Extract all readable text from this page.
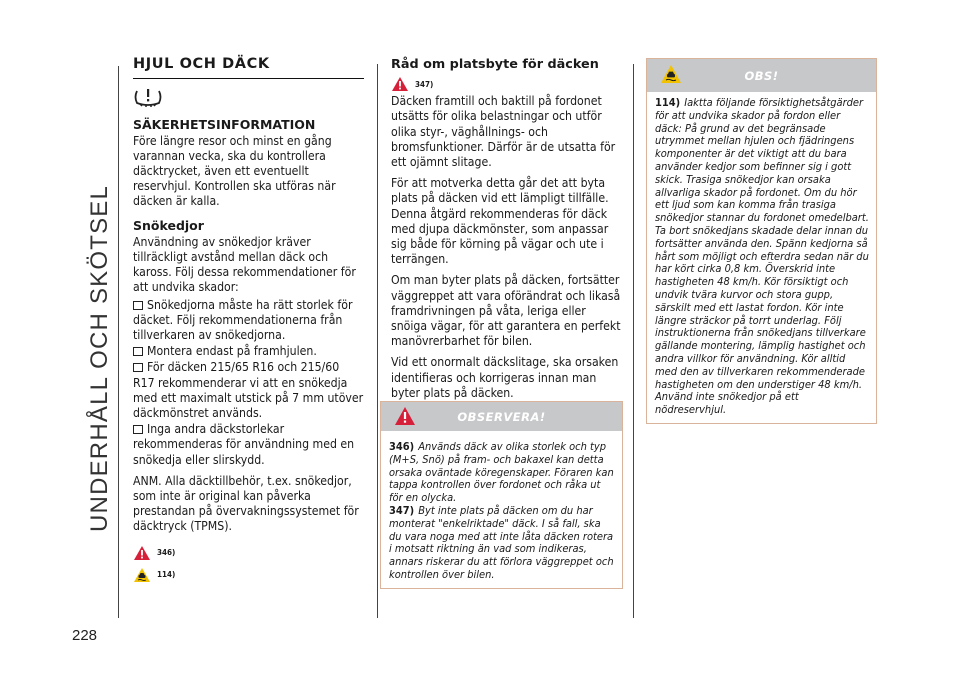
UNDERHÅLL OCH SKÖTSEL
228
HJUL OCH DÄCK
SÄKERHETSINFORMATION

Före längre resor och minst en gång varannan vecka, ska du kontrollera däcktrycket, även ett eventuellt reservhjul. Kontrollen ska utföras när däcken är kalla.

Snökedjor

Användning av snökedjor kräver tillräckligt avstånd mellan däck och kaross. Följ dessa rekommendationer för att undvika skador:

Snökedjorna måste ha rätt storlek för däcket. Följ rekommendationerna från tillverkaren av snökedjorna.
Montera endast på framhjulen.
För däcken 215/65 R16 och 215/60 R17 rekommenderar vi att en snökedja med ett maximalt utstick på 7 mm utöver däckmönstret används.
Inga andra däckstorlekar rekommenderas för användning med en snökedja eller slirskydd.

ANM. Alla däcktillbehör, t.ex. snökedjor, som inte är original kan påverka prestandan på övervakningssystemet för däcktryck (TPMS).

346)
114)
Råd om platsbyte för däcken
347)

Däcken framtill och baktill på fordonet utsätts för olika belastningar och utför olika styr-, väghållnings- och bromsfunktioner. Därför är de utsatta för ett ojämnt slitage.

För att motverka detta går det att byta plats på däcken vid ett lämpligt tillfälle. Denna åtgärd rekommenderas för däck med djupa däckmönster, som anpassar sig både för körning på vägar och ute i terrängen.

Om man byter plats på däcken, fortsätter väggreppet att vara oförändrat och likaså framdrivningen på våta, leriga eller snöiga vägar, för att garantera en perfekt manövrerbarhet för bilen.

Vid ett onormalt däckslitage, ska orsaken identifieras och korrigeras innan man byter plats på däcken.

OBSERVERA!

346) Används däck av olika storlek och typ (M+S, Snö) på fram- och bakaxel kan detta orsaka oväntade köregenskaper. Föraren kan tappa kontrollen över fordonet och råka ut för en olycka.

347) Byt inte plats på däcken om du har monterat "enkelriktade" däck. I så fall, ska du vara noga med att inte låta däcken rotera i motsatt riktning än vad som indikeras, annars riskerar du att förlora väggreppet och kontrollen över bilen.

OBS!

114) Iaktta följande försiktighetsåtgärder för att undvika skador på fordon eller däck: På grund av det begränsade utrymmet mellan hjulen och fjädringens komponenter är det viktigt att du bara använder kedjor som befinner sig i gott skick. Trasiga snökedjor kan orsaka allvarliga skador på fordonet. Om du hör ett ljud som kan komma från trasiga snökedjor stannar du fordonet omedelbart. Ta bort snökedjans skadade delar innan du fortsätter använda den. Spänn kedjorna så hårt som möjligt och efterdra sedan när du har kört cirka 0,8 km. Överskrid inte hastigheten 48 km/h. Kör försiktigt och undvik tvära kurvor och stora gupp, särskilt med ett lastat fordon. Kör inte längre sträckor på torrt underlag. Följ instruktionerna från snökedjans tillverkare gällande montering, lämplig hastighet och andra villkor för användning. Kör alltid med den av tillverkaren rekommenderade hastigheten om den understiger 48 km/h. Använd inte snökedjor på ett nödreservhjul.
